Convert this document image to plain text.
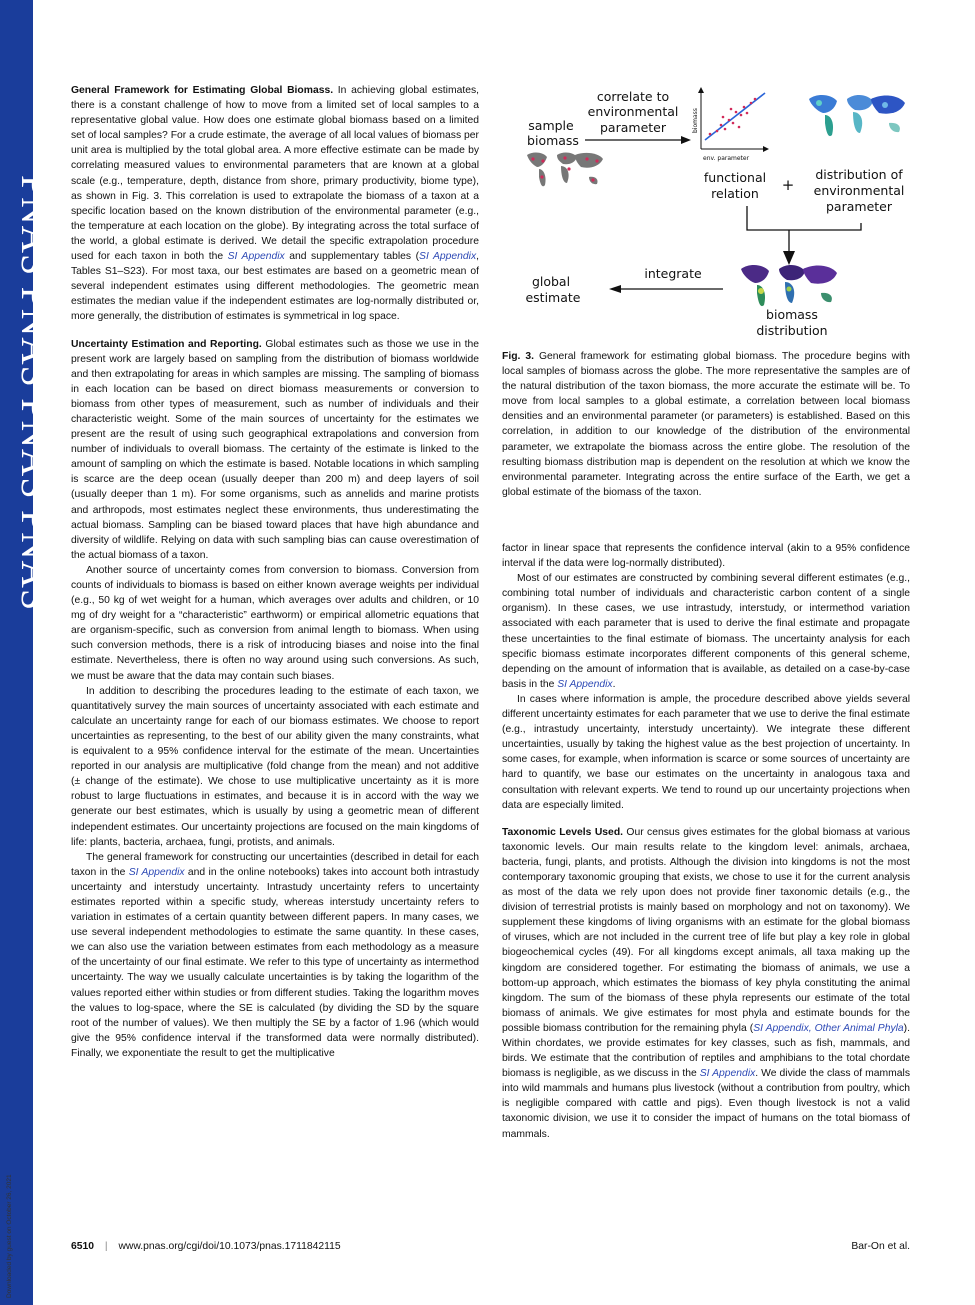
PNAS PNAS PNAS PNAS
Downloaded by guest on October 26, 2021

General Framework for Estimating Global Biomass. In achieving global estimates, there is a constant challenge of how to move from a limited set of local samples to a representative global value. How does one estimate global biomass based on a limited set of local samples? For a crude estimate, the average of all local values of biomass per unit area is multiplied by the total global area. A more effective estimate can be made by correlating measured values to environmental parameters that are known at a global scale (e.g., temperature, depth, distance from shore, primary productivity, biome type), as shown in Fig. 3. This correlation is used to extrapolate the biomass of a taxon at a specific location based on the known distribution of the environmental parameter (e.g., the temperature at each location on the globe). By integrating across the total surface of the world, a global estimate is derived. We detail the specific extrapolation procedure used for each taxon in both the SI Appendix and supplementary tables (SI Appendix, Tables S1–S23). For most taxa, our best estimates are based on a geometric mean of several independent estimates using different methodologies. The geometric mean estimates the median value if the independent estimates are log-normally distributed or, more generally, the distribution of estimates is symmetrical in log space.

Uncertainty Estimation and Reporting. Global estimates such as those we use in the present work are largely based on sampling from the distribution of biomass worldwide and then extrapolating for areas in which samples are missing. The sampling of biomass in each location can be based on direct biomass measurements or conversion to biomass from other types of measurement, such as number of individuals and their characteristic weight. Some of the main sources of uncertainty for the estimates we present are the result of using such geographical extrapolations and conversion from number of individuals to overall biomass. The certainty of the estimate is linked to the amount of sampling on which the estimate is based. Notable locations in which sampling is scarce are the deep ocean (usually deeper than 200 m) and deep layers of soil (usually deeper than 1 m). For some organisms, such as annelids and marine protists and arthropods, most estimates neglect these environments, thus underestimating the actual biomass. Sampling can be biased toward places that have high abundance and diversity of wildlife. Relying on data with such sampling bias can cause overestimation of the actual biomass of a taxon.

Another source of uncertainty comes from conversion to biomass. Conversion from counts of individuals to biomass is based on either known average weights per individual (e.g., 50 kg of wet weight for a human, which averages over adults and children, or 10 mg of dry weight for a “characteristic” earthworm) or empirical allometric equations that are organism-specific, such as conversion from animal length to biomass. When using such conversion methods, there is a risk of introducing biases and noise into the final estimate. Nevertheless, there is often no way around using such conversions. As such, we must be aware that the data may contain such biases.

In addition to describing the procedures leading to the estimate of each taxon, we quantitatively survey the main sources of uncertainty associated with each estimate and calculate an uncertainty range for each of our biomass estimates. We choose to report uncertainties as representing, to the best of our ability given the many constraints, what is equivalent to a 95% confidence interval for the estimate of the mean. Uncertainties reported in our analysis are multiplicative (fold change from the mean) and not additive (± change of the estimate). We chose to use multiplicative uncertainty as it is more robust to large fluctuations in estimates, and because it is in accord with the way we generate our best estimates, which is usually by using a geometric mean of different independent estimates. Our uncertainty projections are focused on the main kingdoms of life: plants, bacteria, archaea, fungi, protists, and animals.

The general framework for constructing our uncertainties (described in detail for each taxon in the SI Appendix and in the online notebooks) takes into account both intrastudy uncertainty and interstudy uncertainty. Intrastudy uncertainty refers to uncertainty estimates reported within a specific study, whereas interstudy uncertainty refers to variation in estimates of a certain quantity between different papers. In many cases, we use several independent methodologies to estimate the same quantity. In these cases, we can also use the variation between estimates from each methodology as a measure of the uncertainty of our final estimate. We refer to this type of uncertainty as intermethod uncertainty. The way we usually calculate uncertainties is by taking the logarithm of the values reported either within studies or from different studies. Taking the logarithm moves the values to log-space, where the SE is calculated (by dividing the SD by the square root of the number of values). We then multiply the SE by a factor of 1.96 (which would give the 95% confidence interval if the transformed data were normally distributed). Finally, we exponentiate the result to get the multiplicative

sample
biomass
correlate to
environmental
parameter	biomass
env. parameter
functional
relation +
distribution of
environmental
parameter
biomass
distribution
integrate
global
estimate
Fig. 3. General framework for estimating global biomass. The procedure begins with local samples of biomass across the globe. The more representative the samples are of the natural distribution of the taxon biomass, the more accurate the estimate will be. To move from local samples to a global estimate, a correlation between local biomass densities and an environmental parameter (or parameters) is established. Based on this correlation, in addition to our knowledge of the distribution of the environmental parameter, we extrapolate the biomass across the entire globe. The resolution of the resulting biomass distribution map is dependent on the resolution at which we know the environmental parameter. Integrating across the entire surface of the Earth, we get a global estimate of the biomass of the taxon.

factor in linear space that represents the confidence interval (akin to a 95% confidence interval if the data were log-normally distributed).

Most of our estimates are constructed by combining several different estimates (e.g., combining total number of individuals and characteristic carbon content of a single organism). In these cases, we use intrastudy, interstudy, or intermethod variation associated with each parameter that is used to derive the final estimate and propagate these uncertainties to the final estimate of biomass. The uncertainty analysis for each specific biomass estimate incorporates different components of this general scheme, depending on the amount of information that is available, as detailed on a case-by-case basis in the SI Appendix.

In cases where information is ample, the procedure described above yields several different uncertainty estimates for each parameter that we use to derive the final estimate (e.g., intrastudy uncertainty, interstudy uncertainty). We integrate these different uncertainties, usually by taking the highest value as the best projection of uncertainty. In some cases, for example, when information is scarce or some sources of uncertainty are hard to quantify, we base our estimates on the uncertainty in analogous taxa and consultation with relevant experts. We tend to round up our uncertainty projections when data are especially limited.

Taxonomic Levels Used. Our census gives estimates for the global biomass at various taxonomic levels. Our main results relate to the kingdom level: animals, archaea, bacteria, fungi, plants, and protists. Although the division into kingdoms is not the most contemporary taxonomic grouping that exists, we chose to use it for the current analysis as most of the data we rely upon does not provide finer taxonomic details (e.g., the division of terrestrial protists is mainly based on morphology and not on taxonomy). We supplement these kingdoms of living organisms with an estimate for the global biomass of viruses, which are not included in the current tree of life but play a key role in global biogeochemical cycles (49). For all kingdoms except animals, all taxa making up the kingdom are considered together. For estimating the biomass of animals, we use a bottom-up approach, which estimates the biomass of key phyla constituting the animal kingdom. The sum of the biomass of these phyla represents our estimate of the total biomass of animals. We give estimates for most phyla and estimate bounds for the possible biomass contribution for the remaining phyla (SI Appendix, Other Animal Phyla). Within chordates, we provide estimates for key classes, such as fish, mammals, and birds. We estimate that the contribution of reptiles and amphibians to the total chordate biomass is negligible, as we discuss in the SI Appendix. We divide the class of mammals into wild mammals and humans plus livestock (without a contribution from poultry, which is negligible compared with cattle and pigs). Even though livestock is not a valid taxonomic division, we use it to consider the impact of humans on the total biomass of mammals.

6510 | www.pnas.org/cgi/doi/10.1073/pnas.1711842115	Bar-On et al.
